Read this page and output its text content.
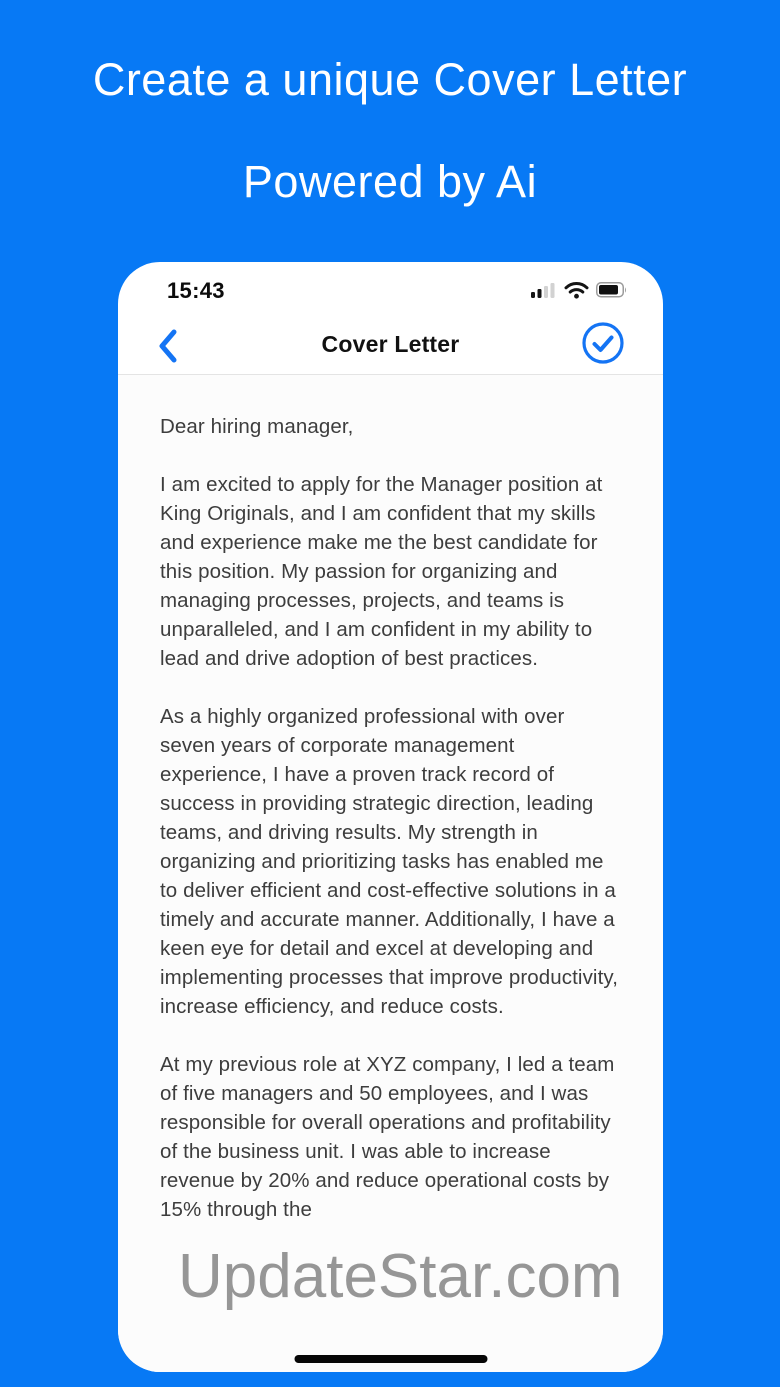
Create a unique Cover Letter
Powered by Ai
15:43
Cover Letter

Dear hiring manager,

I am excited to apply for the Manager position at King Originals, and I am confident that my skills and experience make me the best candidate for this position. My passion for organizing and managing processes, projects, and teams is unparalleled, and I am confident in my ability to lead and drive adoption of best practices.

As a highly organized professional with over seven years of corporate management experience, I have a proven track record of success in providing strategic direction, leading teams, and driving results. My strength in organizing and prioritizing tasks has enabled me to deliver efficient and cost-effective solutions in a timely and accurate manner. Additionally, I have a keen eye for detail and excel at developing and implementing processes that improve productivity, increase efficiency, and reduce costs.

At my previous role at XYZ company, I led a team of five managers and 50 employees, and I was responsible for overall operations and profitability of the business unit. I was able to increase revenue by 20% and reduce operational costs by 15% through the

UpdateStar.com
